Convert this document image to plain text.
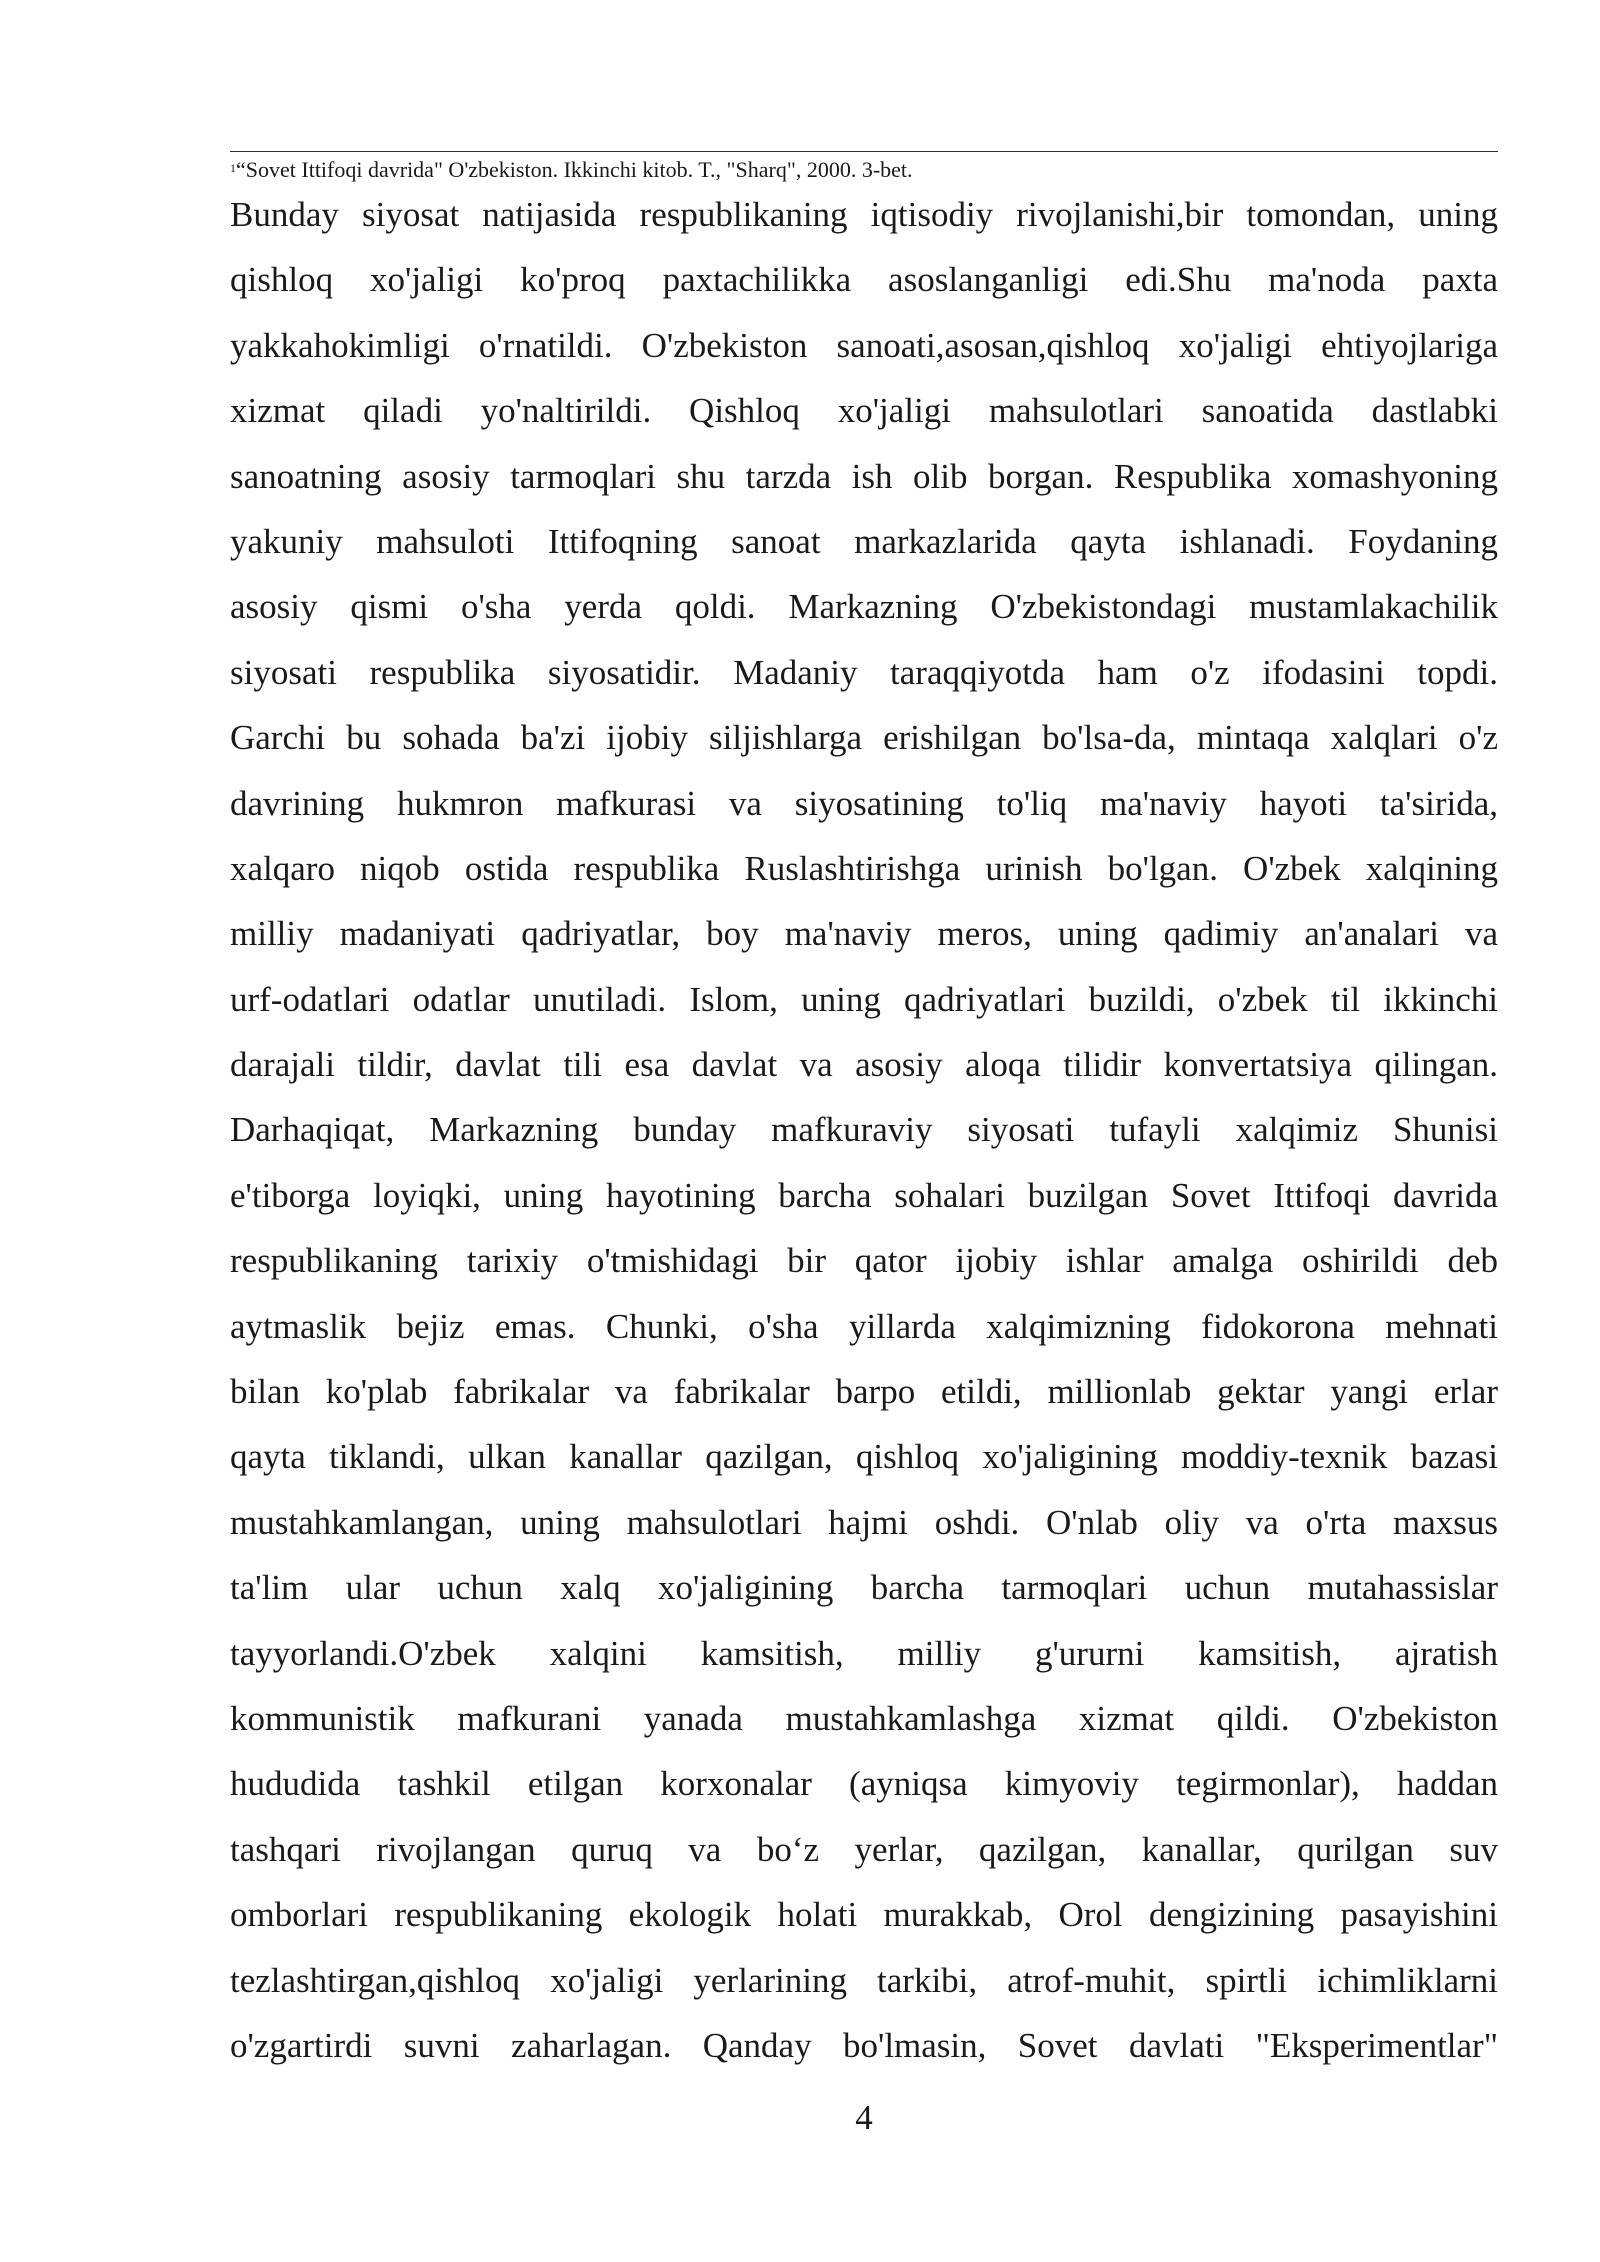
$^1$“Sovet Ittifoqi davrida" O'zbekiston. Ikkinchi kitob. T., "Sharq", 2000. 3-bet.
Bunday siyosat natijasida respublikaning iqtisodiy rivojlanishi,bir tomondan, uning
qishloq xo'jaligi ko'proq paxtachilikka asoslanganligi edi.Shu ma'noda paxta
yakkahokimligi o'rnatildi. O'zbekiston sanoati,asosan,qishloq xo'jaligi ehtiyojlariga
xizmat qiladi yo'naltirildi. Qishloq xo'jaligi mahsulotlari sanoatida dastlabki
sanoatning asosiy tarmoqlari shu tarzda ish olib borgan. Respublika xomashyoning
yakuniy mahsuloti Ittifoqning sanoat markazlarida qayta ishlanadi. Foydaning
asosiy qismi o'sha yerda qoldi. Markazning O'zbekistondagi mustamlakachilik
siyosati respublika siyosatidir. Madaniy taraqqiyotda ham o'z ifodasini topdi.
Garchi bu sohada ba'zi ijobiy siljishlarga erishilgan bo'lsa-da, mintaqa xalqlari o'z
davrining hukmron mafkurasi va siyosatining to'liq ma'naviy hayoti ta'sirida,
xalqaro niqob ostida respublika Ruslashtirishga urinish bo'lgan. O'zbek xalqining
milliy madaniyati qadriyatlar, boy ma'naviy meros, uning qadimiy an'analari va
urf-odatlari odatlar unutiladi. Islom, uning qadriyatlari buzildi, o'zbek til ikkinchi
darajali tildir, davlat tili esa davlat va asosiy aloqa tilidir konvertatsiya qilingan.
Darhaqiqat, Markazning bunday mafkuraviy siyosati tufayli xalqimiz Shunisi
e'tiborga loyiqki, uning hayotining barcha sohalari buzilgan Sovet Ittifoqi davrida
respublikaning tarixiy o'tmishidagi bir qator ijobiy ishlar amalga oshirildi deb
aytmaslik bejiz emas. Chunki, o'sha yillarda xalqimizning fidokorona mehnati
bilan ko'plab fabrikalar va fabrikalar barpo etildi, millionlab gektar yangi erlar
qayta tiklandi, ulkan kanallar qazilgan, qishloq xo'jaligining moddiy-texnik bazasi
mustahkamlangan, uning mahsulotlari hajmi oshdi. O'nlab oliy va o'rta maxsus
ta'lim ular uchun xalq xo'jaligining barcha tarmoqlari uchun mutahassislar
tayyorlandi.O'zbek xalqini kamsitish, milliy g'ururni kamsitish, ajratish
kommunistik mafkurani yanada mustahkamlashga xizmat qildi. O'zbekiston
hududida tashkil etilgan korxonalar (ayniqsa kimyoviy tegirmonlar), haddan
tashqari rivojlangan quruq va bo‘z yerlar, qazilgan, kanallar, qurilgan suv
omborlari respublikaning ekologik holati murakkab, Orol dengizining pasayishini
tezlashtirgan,qishloq xo'jaligi yerlarining tarkibi, atrof-muhit, spirtli ichimliklarni
o'zgartirdi suvni zaharlagan. Qanday bo'lmasin, Sovet davlati "Eksperimentlar"
4
